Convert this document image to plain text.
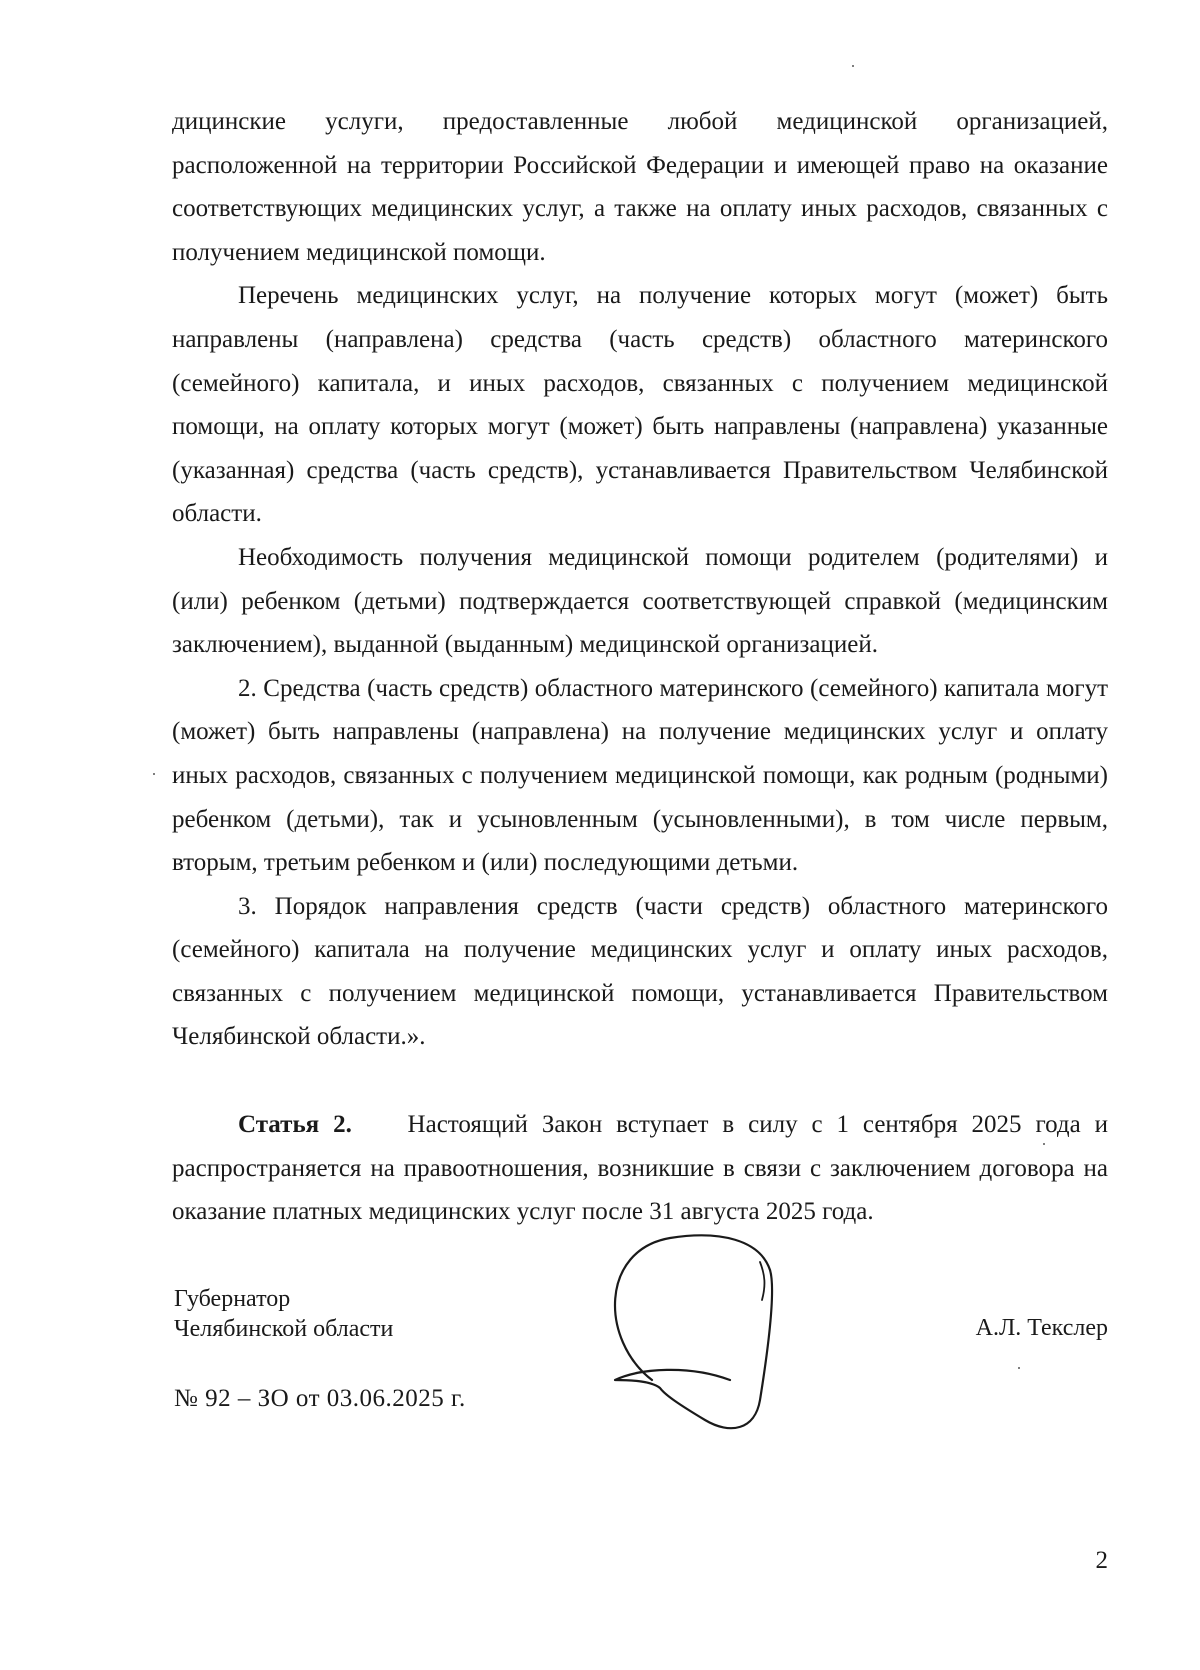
дицинские услуги, предоставленные любой медицинской организацией, расположенной на территории Российской Федерации и имеющей право на оказание соответствующих медицинских услуг, а также на оплату иных расходов, связанных с получением медицинской помощи.

Перечень медицинских услуг, на получение которых могут (может) быть направлены (направлена) средства (часть средств) областного материнского (семейного) капитала, и иных расходов, связанных с получением медицинской помощи, на оплату которых могут (может) быть направлены (направлена) указанные (указанная) средства (часть средств), устанавливается Правительством Челябинской области.

Необходимость получения медицинской помощи родителем (родителями) и (или) ребенком (детьми) подтверждается соответствующей справкой (медицинским заключением), выданной (выданным) медицинской организацией.

2. Средства (часть средств) областного материнского (семейного) капитала могут (может) быть направлены (направлена) на получение медицинских услуг и оплату иных расходов, связанных с получением медицинской помощи, как родным (родными) ребенком (детьми), так и усыновленным (усыновленными), в том числе первым, вторым, третьим ребенком и (или) последующими детьми.

3. Порядок направления средств (части средств) областного материнского (семейного) капитала на получение медицинских услуг и оплату иных расходов, связанных с получением медицинской помощи, устанавливается Правительством Челябинской области.».

Статья 2. Настоящий Закон вступает в силу с 1 сентября 2025 года и распространяется на правоотношения, возникшие в связи с заключением договора на оказание платных медицинских услуг после 31 августа 2025 года.

Губернатор
Челябинской области	А.Л. Текслер
№ 92 – ЗО от 03.06.2025 г.
2
